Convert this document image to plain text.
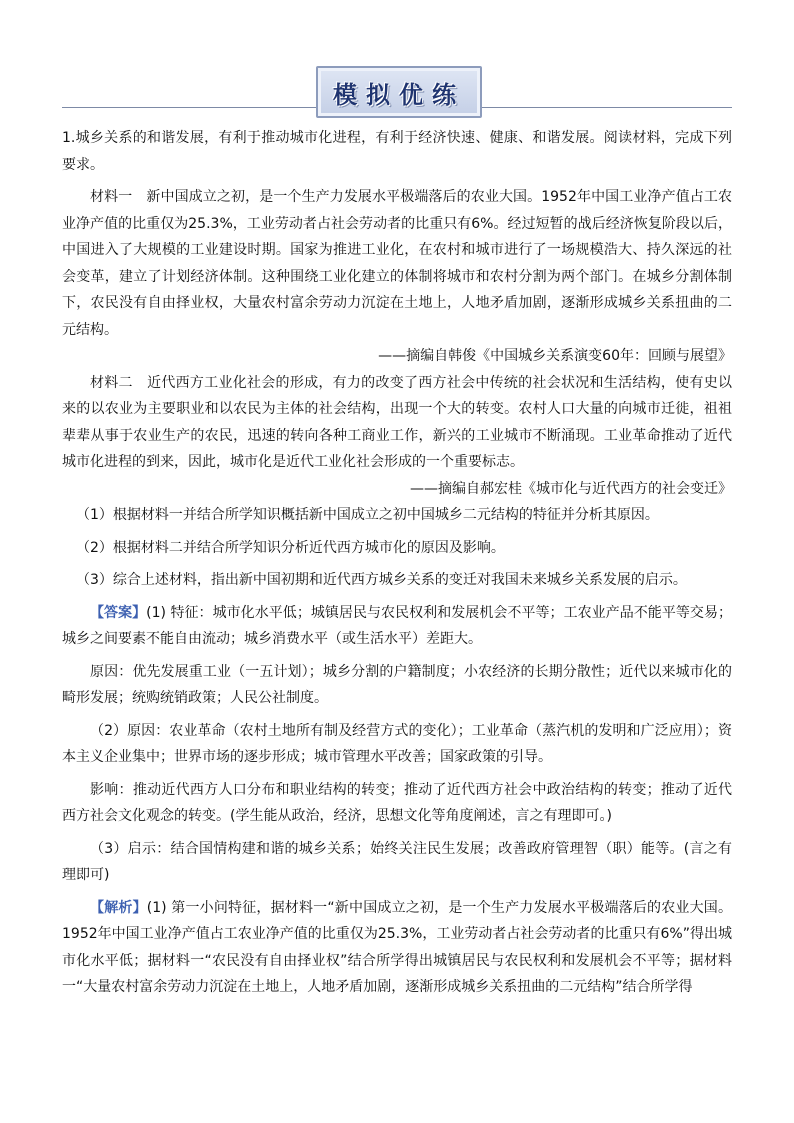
模拟优练

1.城乡关系的和谐发展，有利于推动城市化进程，有利于经济快速、健康、和谐发展。阅读材料，完成下列要求。

材料一　新中国成立之初，是一个生产力发展水平极端落后的农业大国。1952年中国工业净产值占工农业净产值的比重仅为25.3%，工业劳动者占社会劳动者的比重只有6%。经过短暂的战后经济恢复阶段以后，中国进入了大规模的工业建设时期。国家为推进工业化，在农村和城市进行了一场规模浩大、持久深远的社会变革，建立了计划经济体制。这种围绕工业化建立的体制将城市和农村分割为两个部门。在城乡分割体制下，农民没有自由择业权，大量农村富余劳动力沉淀在土地上，人地矛盾加剧，逐渐形成城乡关系扭曲的二元结构。

——摘编自韩俊《中国城乡关系演变60年：回顾与展望》

材料二　近代西方工业化社会的形成，有力的改变了西方社会中传统的社会状况和生活结构，使有史以来的以农业为主要职业和以农民为主体的社会结构，出现一个大的转变。农村人口大量的向城市迁徙，祖祖辈辈从事于农业生产的农民，迅速的转向各种工商业工作，新兴的工业城市不断涌现。工业革命推动了近代城市化进程的到来，因此，城市化是近代工业化社会形成的一个重要标志。

——摘编自郝宏桂《城市化与近代西方的社会变迁》

（1）根据材料一并结合所学知识概括新中国成立之初中国城乡二元结构的特征并分析其原因。

（2）根据材料二并结合所学知识分析近代西方城市化的原因及影响。

（3）综合上述材料，指出新中国初期和近代西方城乡关系的变迁对我国未来城乡关系发展的启示。

【答案】(1) 特征：城市化水平低；城镇居民与农民权利和发展机会不平等；工农业产品不能平等交易；城乡之间要素不能自由流动；城乡消费水平（或生活水平）差距大。

原因：优先发展重工业（一五计划）；城乡分割的户籍制度；小农经济的长期分散性；近代以来城市化的畸形发展；统购统销政策；人民公社制度。

（2）原因：农业革命（农村土地所有制及经营方式的变化）；工业革命（蒸汽机的发明和广泛应用）；资本主义企业集中；世界市场的逐步形成；城市管理水平改善；国家政策的引导。

影响：推动近代西方人口分布和职业结构的转变；推动了近代西方社会中政治结构的转变；推动了近代西方社会文化观念的转变。(学生能从政治，经济，思想文化等角度阐述，言之有理即可。)

（3）启示：结合国情构建和谐的城乡关系；始终关注民生发展；改善政府管理智（职）能等。(言之有理即可)

【解析】(1) 第一小问特征，据材料一“新中国成立之初，是一个生产力发展水平极端落后的农业大国。1952年中国工业净产值占工农业净产值的比重仅为25.3%，工业劳动者占社会劳动者的比重只有6%”得出城市化水平低；据材料一“农民没有自由择业权”结合所学得出城镇居民与农民权利和发展机会不平等；据材料一“大量农村富余劳动力沉淀在土地上，人地矛盾加剧，逐渐形成城乡关系扭曲的二元结构”结合所学得
